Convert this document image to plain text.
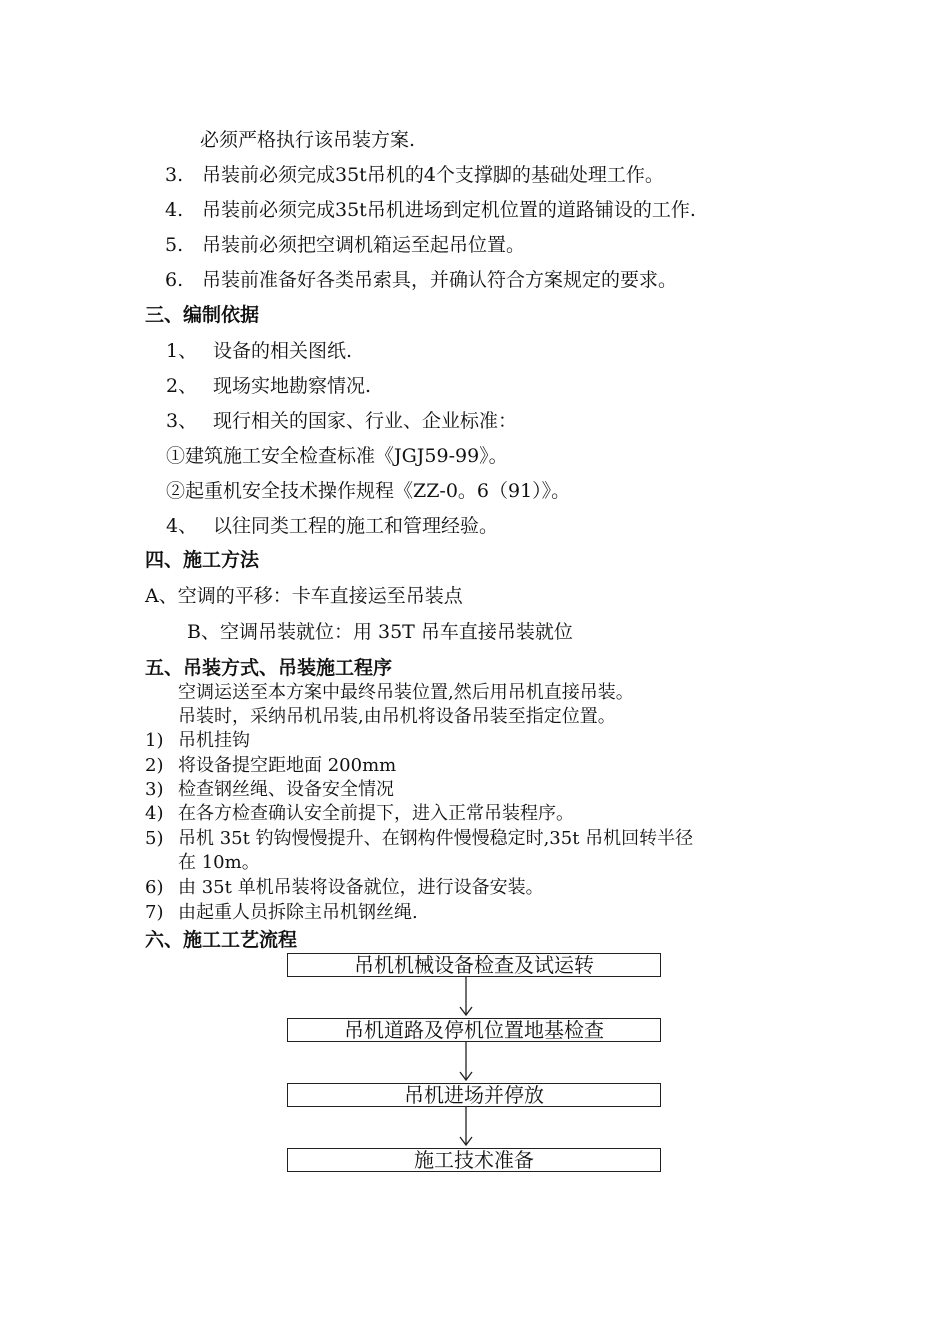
必须严格执行该吊装方案.
3. 吊装前必须完成35t吊机的4个支撑脚的基础处理工作。
4. 吊装前必须完成35t吊机进场到定机位置的道路铺设的工作.
5. 吊装前必须把空调机箱运至起吊位置。
6. 吊装前准备好各类吊索具，并确认符合方案规定的要求。
三、编制依据
1、 设备的相关图纸.
2、 现场实地勘察情况.
3、 现行相关的国家、行业、企业标准：
①建筑施工安全检查标准《JGJ59-99》。
②起重机安全技术操作规程《ZZ-0。6（91）》。
4、 以往同类工程的施工和管理经验。
四、施工方法
A、空调的平移：卡车直接运至吊装点
B、空调吊装就位：用 35T 吊车直接吊装就位
五、吊装方式、吊装施工程序
空调运送至本方案中最终吊装位置,然后用吊机直接吊装。
吊装时，采纳吊机吊装,由吊机将设备吊装至指定位置。
1) 吊机挂钩
2) 将设备提空距地面 200mm
3) 检查钢丝绳、设备安全情况
4) 在各方检查确认安全前提下，进入正常吊装程序。
5) 吊机 35t 钓钩慢慢提升、在钢构件慢慢稳定时,35t 吊机回转半径
在 10m。
6) 由 35t 单机吊装将设备就位，进行设备安装。
7) 由起重人员拆除主吊机钢丝绳.
六、施工工艺流程
吊机机械设备检查及试运转
吊机道路及停机位置地基检查
吊机进场并停放
施工技术准备
